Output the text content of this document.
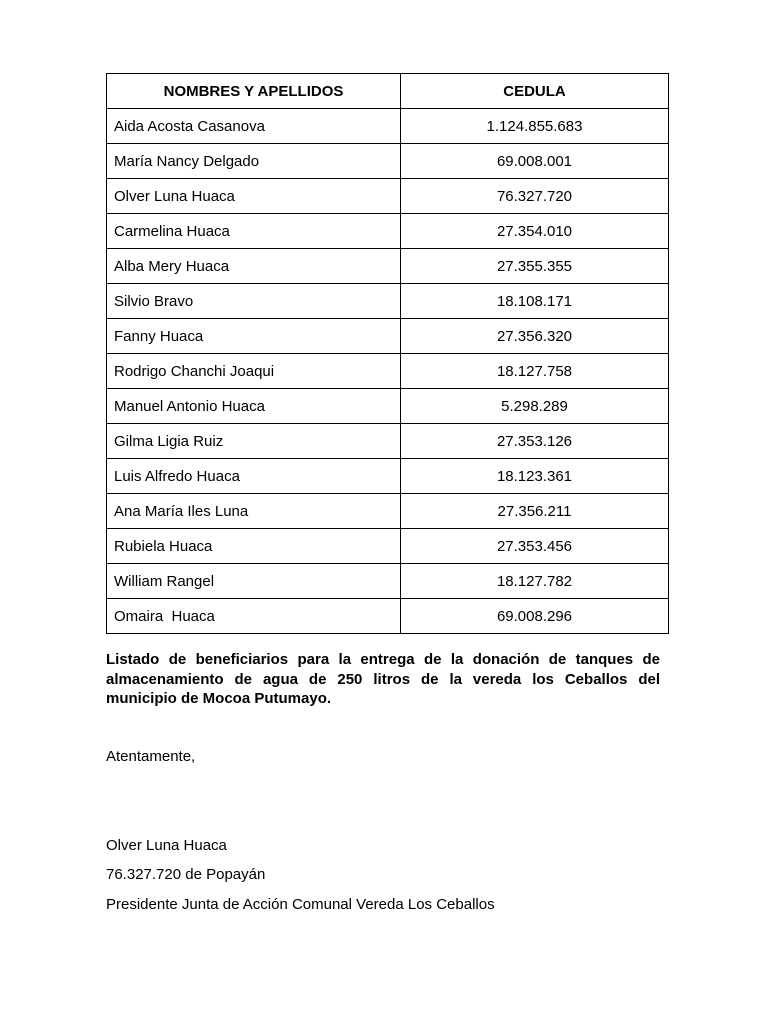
NOMBRES Y APELLIDOS	CEDULA
Aida Acosta Casanova	1.124.855.683
María Nancy Delgado	69.008.001
Olver Luna Huaca	76.327.720
Carmelina Huaca	27.354.010
Alba Mery Huaca	27.355.355
Silvio Bravo	18.108.171
Fanny Huaca	27.356.320
Rodrigo Chanchi Joaqui	18.127.758
Manuel Antonio Huaca	5.298.289
Gilma Ligia Ruiz	27.353.126
Luis Alfredo Huaca	18.123.361
Ana María Iles Luna	27.356.211
Rubiela Huaca	27.353.456
William Rangel	18.127.782
Omaira  Huaca	69.008.296

Listado de beneficiarios para la entrega de la donación de tanques de almacenamiento de agua de 250 litros de la vereda los Ceballos del municipio de Mocoa Putumayo.

Atentamente,

Olver Luna Huaca

76.327.720 de Popayán

Presidente Junta de Acción Comunal Vereda Los Ceballos
